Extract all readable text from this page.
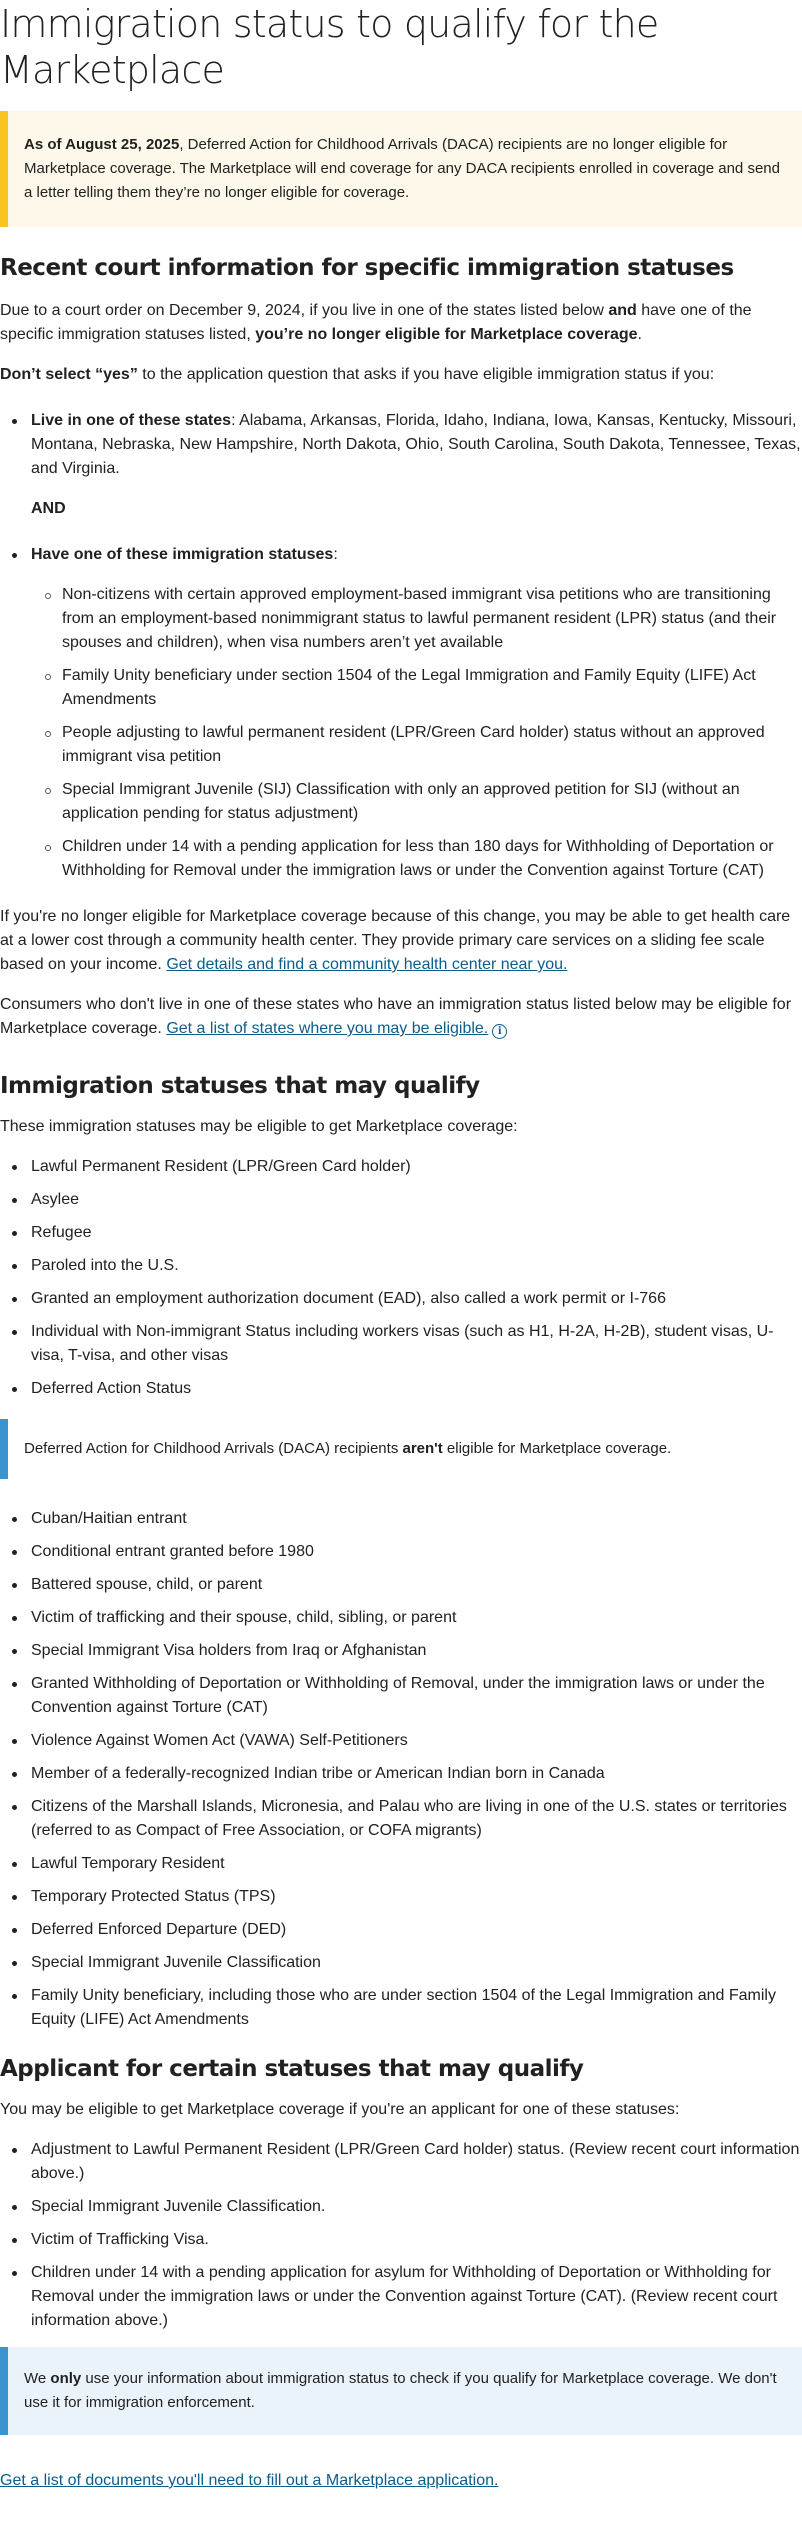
Immigration status to qualify for the Marketplace

As of August 25, 2025, Deferred Action for Childhood Arrivals (DACA) recipients are no longer eligible for Marketplace coverage. The Marketplace will end coverage for any DACA recipients enrolled in coverage and send a letter telling them they’re no longer eligible for coverage.

Recent court information for specific immigration statuses

Due to a court order on December 9, 2024, if you live in one of the states listed below and have one of the specific immigration statuses listed, you’re no longer eligible for Marketplace coverage.

Don’t select “yes” to the application question that asks if you have eligible immigration status if you:

Live in one of these states: Alabama, Arkansas, Florida, Idaho, Indiana, Iowa, Kansas, Kentucky, Missouri, Montana, Nebraska, New Hampshire, North Dakota, Ohio, South Carolina, South Dakota, Tennessee, Texas, and Virginia.

AND

Have one of these immigration statuses:
Non-citizens with certain approved employment-based immigrant visa petitions who are transitioning from an employment-based nonimmigrant status to lawful permanent resident (LPR) status (and their spouses and children), when visa numbers aren’t yet available
Family Unity beneficiary under section 1504 of the Legal Immigration and Family Equity (LIFE) Act Amendments
People adjusting to lawful permanent resident (LPR/Green Card holder) status without an approved immigrant visa petition
Special Immigrant Juvenile (SIJ) Classification with only an approved petition for SIJ (without an application pending for status adjustment)
Children under 14 with a pending application for less than 180 days for Withholding of Deportation or Withholding for Removal under the immigration laws or under the Convention against Torture (CAT)

If you're no longer eligible for Marketplace coverage because of this change, you may be able to get health care at a lower cost through a community health center. They provide primary care services on a sliding fee scale based on your income. Get details and find a community health center near you.

Consumers who don't live in one of these states who have an immigration status listed below may be eligible for Marketplace coverage. Get a list of states where you may be eligible. i

Immigration statuses that may qualify

These immigration statuses may be eligible to get Marketplace coverage:

Lawful Permanent Resident (LPR/Green Card holder)
Asylee
Refugee
Paroled into the U.S.
Granted an employment authorization document (EAD), also called a work permit or I-766
Individual with Non-immigrant Status including workers visas (such as H1, H-2A, H-2B), student visas, U-visa, T-visa, and other visas
Deferred Action Status

Deferred Action for Childhood Arrivals (DACA) recipients aren't eligible for Marketplace coverage.

Cuban/Haitian entrant
Conditional entrant granted before 1980
Battered spouse, child, or parent
Victim of trafficking and their spouse, child, sibling, or parent
Special Immigrant Visa holders from Iraq or Afghanistan
Granted Withholding of Deportation or Withholding of Removal, under the immigration laws or under the Convention against Torture (CAT)
Violence Against Women Act (VAWA) Self-Petitioners
Member of a federally-recognized Indian tribe or American Indian born in Canada
Citizens of the Marshall Islands, Micronesia, and Palau who are living in one of the U.S. states or territories (referred to as Compact of Free Association, or COFA migrants)
Lawful Temporary Resident
Temporary Protected Status (TPS)
Deferred Enforced Departure (DED)
Special Immigrant Juvenile Classification
Family Unity beneficiary, including those who are under section 1504 of the Legal Immigration and Family Equity (LIFE) Act Amendments
Applicant for certain statuses that may qualify

You may be eligible to get Marketplace coverage if you're an applicant for one of these statuses:

Adjustment to Lawful Permanent Resident (LPR/Green Card holder) status. (Review recent court information above.)
Special Immigrant Juvenile Classification.
Victim of Trafficking Visa.
Children under 14 with a pending application for asylum for Withholding of Deportation or Withholding for Removal under the immigration laws or under the Convention against Torture (CAT). (Review recent court information above.)

We only use your information about immigration status to check if you qualify for Marketplace coverage. We don't use it for immigration enforcement.

Get a list of documents you'll need to fill out a Marketplace application.
